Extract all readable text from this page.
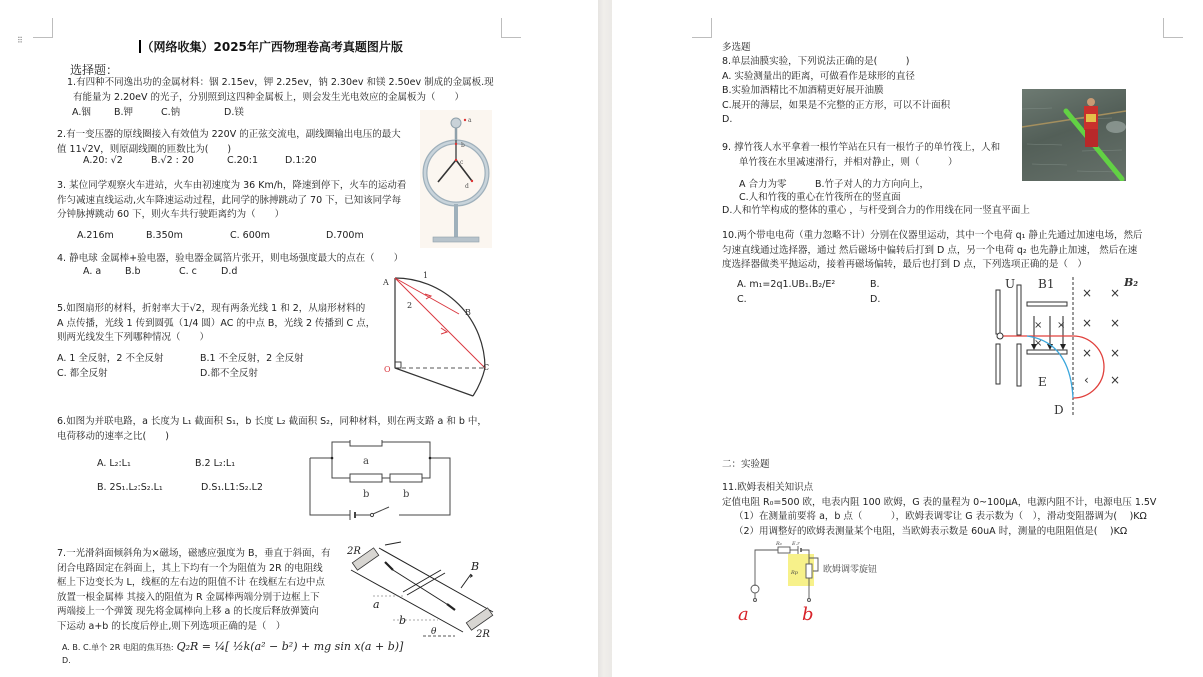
⠿	（网络收集）2025年广西物理卷高考真题图片版
选择题：
1.有四种不同逸出功的金属材料：铟 2.15ev，钾 2.25ev，钠 2.30ev 和镁 2.50ev 制成的金属板.现
有能量为 2.20eV 的光子，分别照到这四种金属板上，则会发生光电效应的金属板为（　　）
A.铟	B.钾	C.钠	D.镁
2.有一变压器的原线圈接入有效值为 220V 的正弦交流电，副线圈输出电压的最大
值 11√2V，则原副线圈的匝数比为(　　)
A.20: √2	B.√2 : 20	C.20:1	D.1:20
3. 某位同学观察火车进站，火车由初速度为 36 Km/h，降速到停下，火车的运动看
作匀减速直线运动,火车降速运动过程，此同学的脉搏跳动了 70 下，已知该同学每
分钟脉搏跳动 60 下，则火车共行驶距离约为（　　）
A.216m	B.350m	C. 600m	D.700m
a
b
c
d
4. 静电球 金属棒+验电器，验电器金属箔片张开，则电场强度最大的点在（　　）
A. a	B.b	C. c	D.d
A
1
2
B
C
O
5.如图扇形的材料，折射率大于√2，现有两条光线 1 和 2，从扇形材料的
A 点传播，光线 1 传到圆弧（1/4 圆）AC 的中点 B，光线 2 传播到 C 点，
则两光线发生下列哪种情况（　　）
A. 1 全反射，2 不全反射	B.1 不全反射，2 全反射
C. 都全反射	D.都不全反射
6.如图为并联电路，a 长度为 L₁ 截面积 S₁，b 长度 L₂ 截面积 S₂，同种材料，则在两支路 a 和 b 中，
电荷移动的速率之比(　　)
A. L₂:L₁	B.2 L₂:L₁
B. 2S₁.L₂:S₂.L₁	D.S₁.L1:S₂.L2
a
b	b
7.一光滑斜面倾斜角为×磁场，磁感应强度为 B，垂直于斜面，有
闭合电路固定在斜面上，其上下均有一个为阻值为 2R 的电阻线
框上下边变长为 L，线框的左右边的阻值不计 在线框左右边中点
放置一根金属棒 其接入的阻值为 R 金属棒两端分别于边框上下
两端接上一个弹簧 现先将金属棒向上移 a 的长度后释放弹簧向
下运动 a+b 的长度后停止,则下列选项正确的是（　）
A. B. C.单个 2R 电阻的焦耳热: Q₂R = ¼[ ½k(a² − b²) + mg sin x(a + b)]
D.
2R
2R
B
a
b
θ
多选题
8.单层油膜实验，下列说法正确的是(　　　)
A. 实验测量出的距离，可做看作是球形的直径
B.实验加酒精比不加酒精更好展开油膜
C.展开的薄层，如果是不完整的正方形，可以不计面积
D.
9. 撑竹筏人水平拿着一根竹竿站在只有一根竹子的单竹筏上，人和
单竹筏在水里减速滑行，并相对静止，则（　　　）
A 合力为零	B.竹子对人的力方向向上，
C.人和竹筏的重心在竹筏所在的竖直面
D.人和竹竿构成的整体的重心 ，与杆受到合力的作用线在同一竖直平面上
10.两个带电电荷（重力忽略不计）分别在仪器里运动，其中一个电荷 q₁ 静止先通过加速电场，然后
匀速直线通过选择器，通过 然后磁场中偏转后打到 D 点，另一个电荷 q₂ 也先静止加速， 然后在速
度选择器做类平抛运动，接着再磁场偏转，最后也打到 D 点，下列选项正确的是（　）
A. m₁=2q1.UB₁.B₂/E²	B.
C.	D.	× ×
× ×
× ×
‹ ×
× ×
×
U B1	B₂
E
D
二：实验题
11.欧姆表相关知识点
定值电阻 R₀=500 欧，电表内阻 100 欧姆，G 表的量程为 0~100μA，电源内阻不计，电源电压 1.5V
（1）在测量前要将 a，b 点（　　　），欧姆表调零让 G 表示数为（　），滑动变阻器调为(　 )KΩ
（2）用调整好的欧姆表测量某个电阻，当欧姆表示数是 60uA 时，测量的电阻阻值是(　 )KΩ
R₀ E.r
Rp	欧姆调零旋钮
a	b
